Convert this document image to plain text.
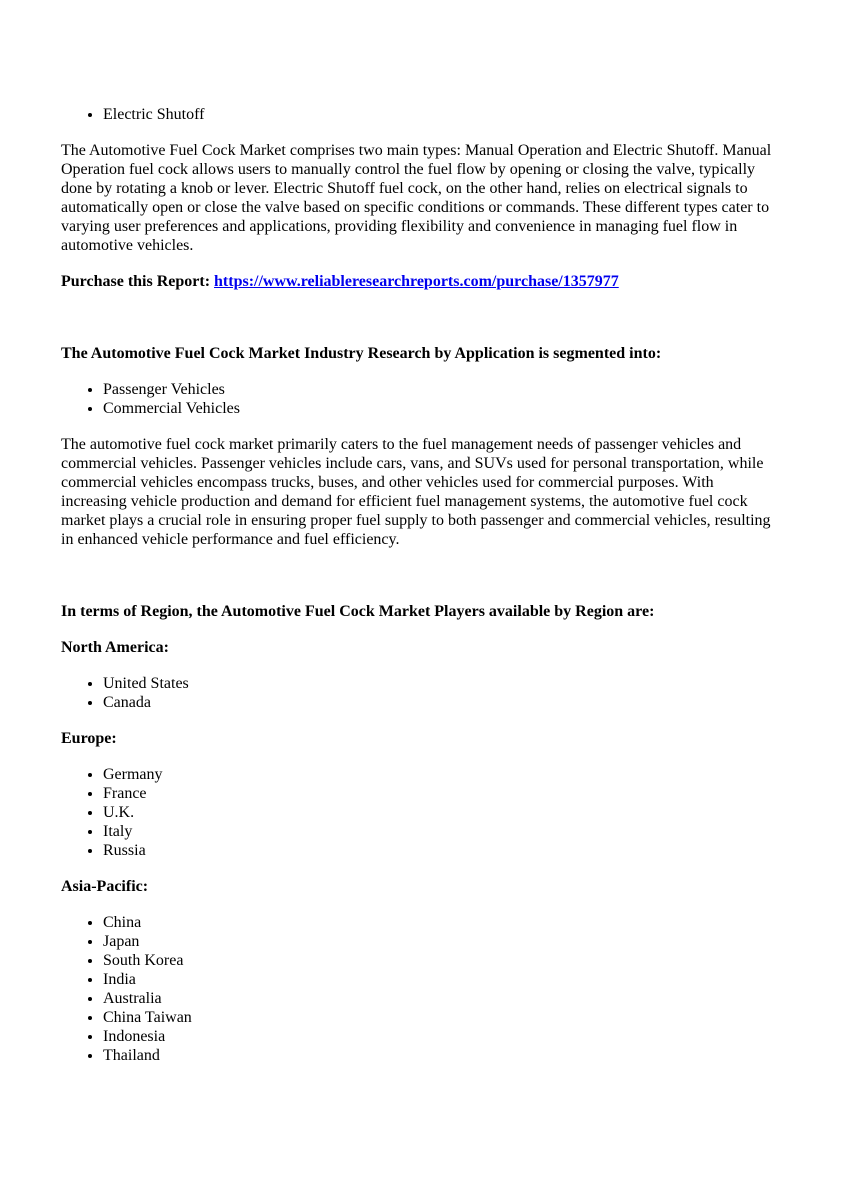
• Electric Shutoff

The Automotive Fuel Cock Market comprises two main types: Manual Operation and Electric Shutoff. Manual Operation fuel cock allows users to manually control the fuel flow by opening or closing the valve, typically done by rotating a knob or lever. Electric Shutoff fuel cock, on the other hand, relies on electrical signals to automatically open or close the valve based on specific conditions or commands. These different types cater to varying user preferences and applications, providing flexibility and convenience in managing fuel flow in automotive vehicles.

Purchase this Report: https://www.reliableresearchreports.com/purchase/1357977

The Automotive Fuel Cock Market Industry Research by Application is segmented into:

• Passenger Vehicles
• Commercial Vehicles

The automotive fuel cock market primarily caters to the fuel management needs of passenger vehicles and commercial vehicles. Passenger vehicles include cars, vans, and SUVs used for personal transportation, while commercial vehicles encompass trucks, buses, and other vehicles used for commercial purposes. With increasing vehicle production and demand for efficient fuel management systems, the automotive fuel cock market plays a crucial role in ensuring proper fuel supply to both passenger and commercial vehicles, resulting in enhanced vehicle performance and fuel efficiency.

In terms of Region, the Automotive Fuel Cock Market Players available by Region are:

North America:

• United States
• Canada

Europe:

• Germany
• France
• U.K.
• Italy
• Russia

Asia-Pacific:

• China
• Japan
• South Korea
• India
• Australia
• China Taiwan
• Indonesia
• Thailand
